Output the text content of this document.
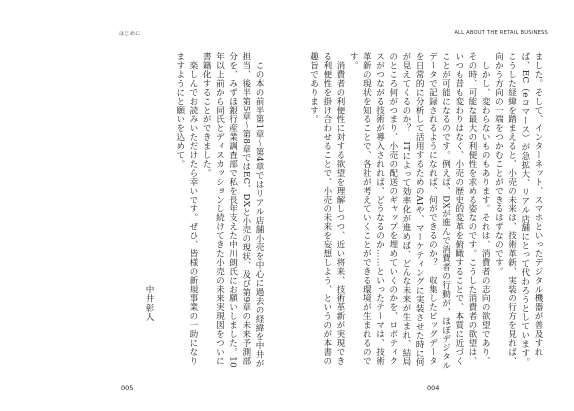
はじめに
　この本の前半第1章〜第4章ではリアル店舗小売を中心に過去の経緯を中井が担当、後半第5章〜第8章ではEC、DXと小売の現状、及び第9章の未来予測部分を、みずほ銀行産業調査部で私を長年支えた中川朗氏にお願いしました。10年以上前から同氏とディスカッションし続けてきた小売の未来実現図をついに書籍化することができました。
　楽しんでお読みいただけたら幸いです。ぜひ、皆様の新規事業の一助になりますようにと願いを込めて。
中井彰人
005
ALL ABOUT THE RETAIL BUSINESS
ました。そして、インターネット、スマホといったデジタル機器が普及すれば、EC（eコマース）が急拡大、リアル店舗にとって代わろうとしています。こうした経緯を踏まえると、小売の未来は、技術革新、実装の行方を見れば、向かう方向の一端をつかむことができるはずなのです。
　しかし、変わらないものもあります。それは、消費者の志向の欲望であり、その時、可能な最大の利便性を求める姿なのです。こうした消費者の欲望は、いつも昔も変わりはなく、小売の歴史的変革を俯瞰することで、本質に近づくことが可能になるのです。例えば、DXが進んで消費者の行動が、ほぼデジタルデータで記録されるようになれば、何ができるのか？　収集したビッグデータを日常的に分析して活用するためのAIや、マーケティングに実装させた時に何が見えてくるのか？　ITによって効率化が進めば、どんな未来が生まれ、結局のところ何がつまり、小売の配送のギャップを埋めていくのかを、ロボティクスがつながる技術が導入されれば、どうなるのか……といったテーマは、技術革新の現状を知ることで、各社が考えていくことができる環境が生まれるのです。
　消費者の利便性に対する欲望を理解しつつ、近い将来、技術革新が実現できる利便性を掛け合わせることで、小売の未来を妄想しよう、というのが本書の趣旨であります。
004
